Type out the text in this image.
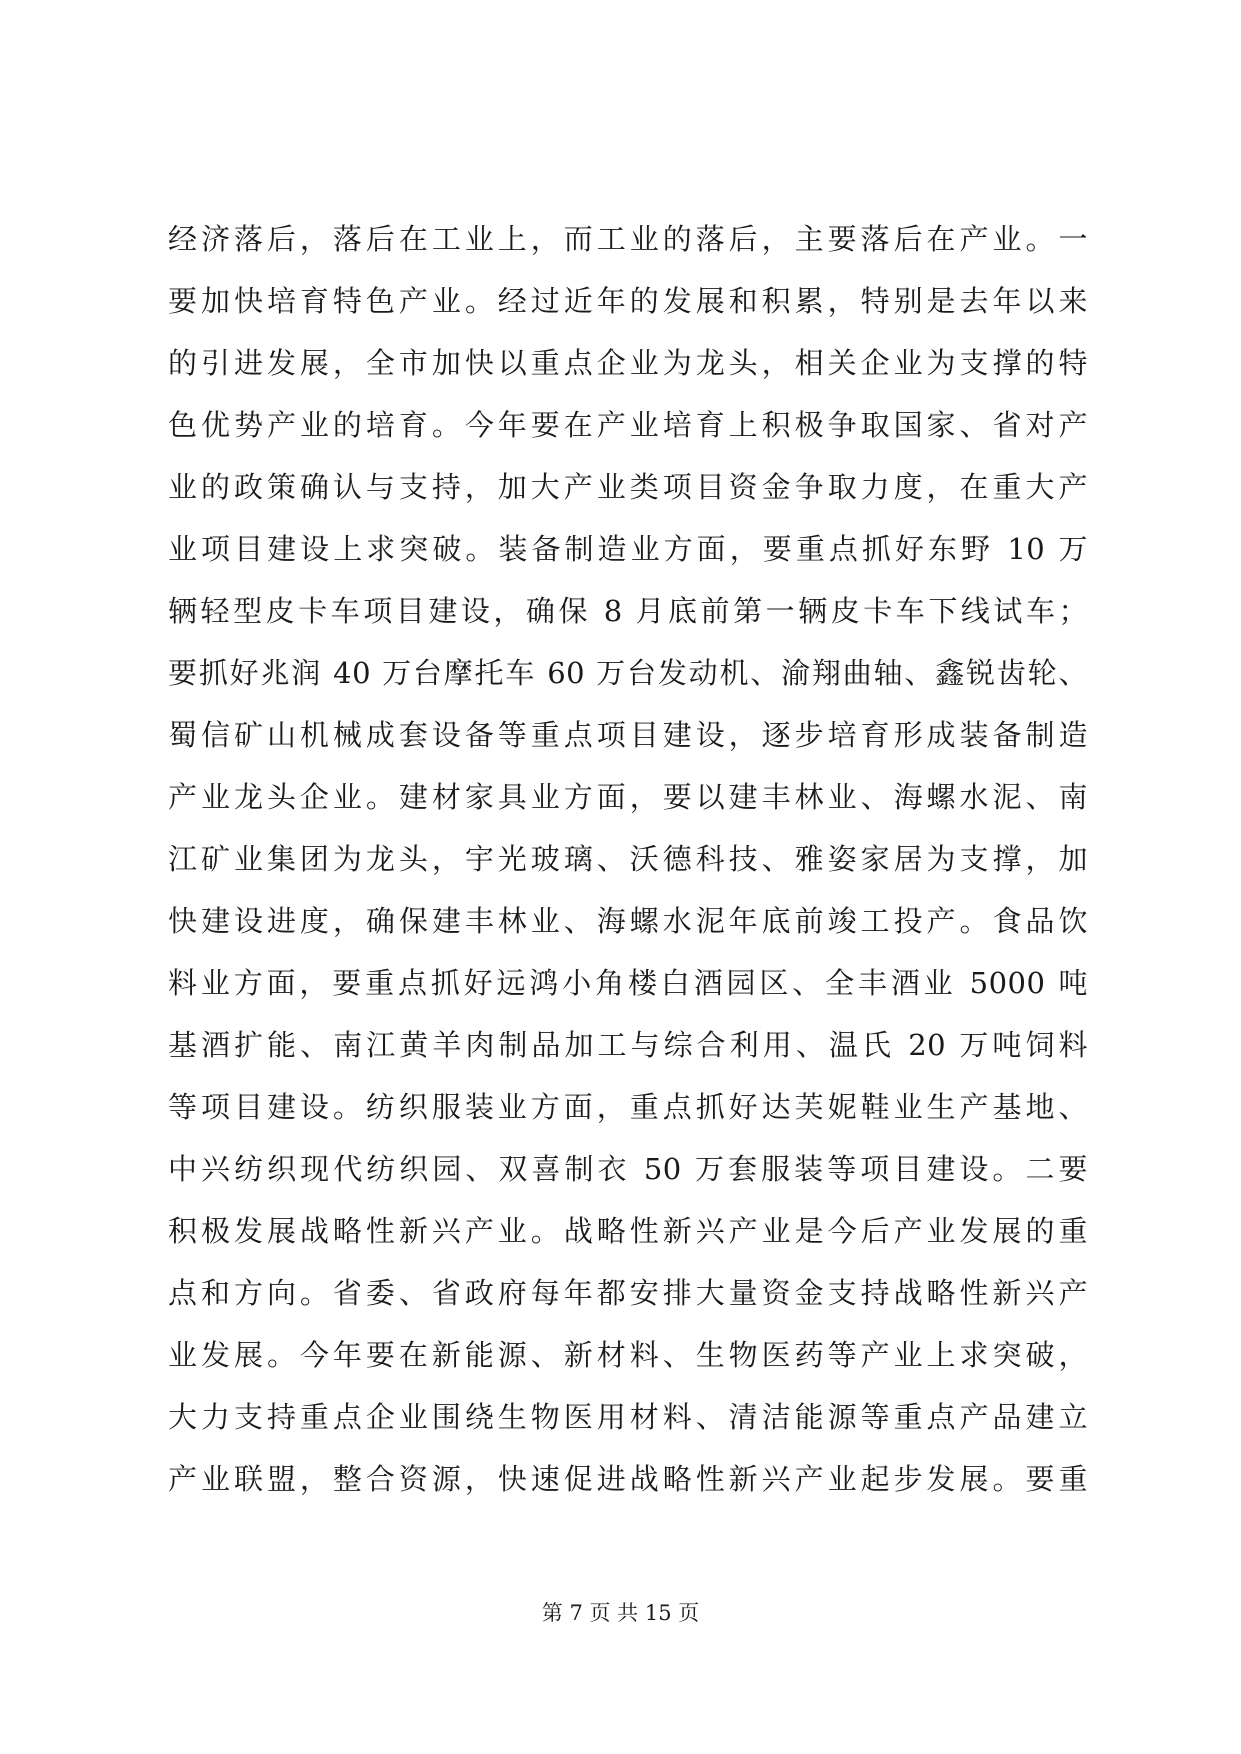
经济落后，落后在工业上，而工业的落后，主要落后在产业。一
要加快培育特色产业。经过近年的发展和积累，特别是去年以来
的引进发展，全市加快以重点企业为龙头，相关企业为支撑的特
色优势产业的培育。今年要在产业培育上积极争取国家、省对产
业的政策确认与支持，加大产业类项目资金争取力度，在重大产
业项目建设上求突破。装备制造业方面，要重点抓好东野 10 万
辆轻型皮卡车项目建设，确保 8 月底前第一辆皮卡车下线试车；
要抓好兆润 40 万台摩托车 60 万台发动机、渝翔曲轴、鑫锐齿轮、
蜀信矿山机械成套设备等重点项目建设，逐步培育形成装备制造
产业龙头企业。建材家具业方面，要以建丰林业、海螺水泥、南
江矿业集团为龙头，宇光玻璃、沃德科技、雅姿家居为支撑，加
快建设进度，确保建丰林业、海螺水泥年底前竣工投产。食品饮
料业方面，要重点抓好远鸿小角楼白酒园区、全丰酒业 5000 吨
基酒扩能、南江黄羊肉制品加工与综合利用、温氏 20 万吨饲料
等项目建设。纺织服装业方面，重点抓好达芙妮鞋业生产基地、
中兴纺织现代纺织园、双喜制衣 50 万套服装等项目建设。二要
积极发展战略性新兴产业。战略性新兴产业是今后产业发展的重
点和方向。省委、省政府每年都安排大量资金支持战略性新兴产
业发展。今年要在新能源、新材料、生物医药等产业上求突破，
大力支持重点企业围绕生物医用材料、清洁能源等重点产品建立
产业联盟，整合资源，快速促进战略性新兴产业起步发展。要重
第 7 页 共 15 页
